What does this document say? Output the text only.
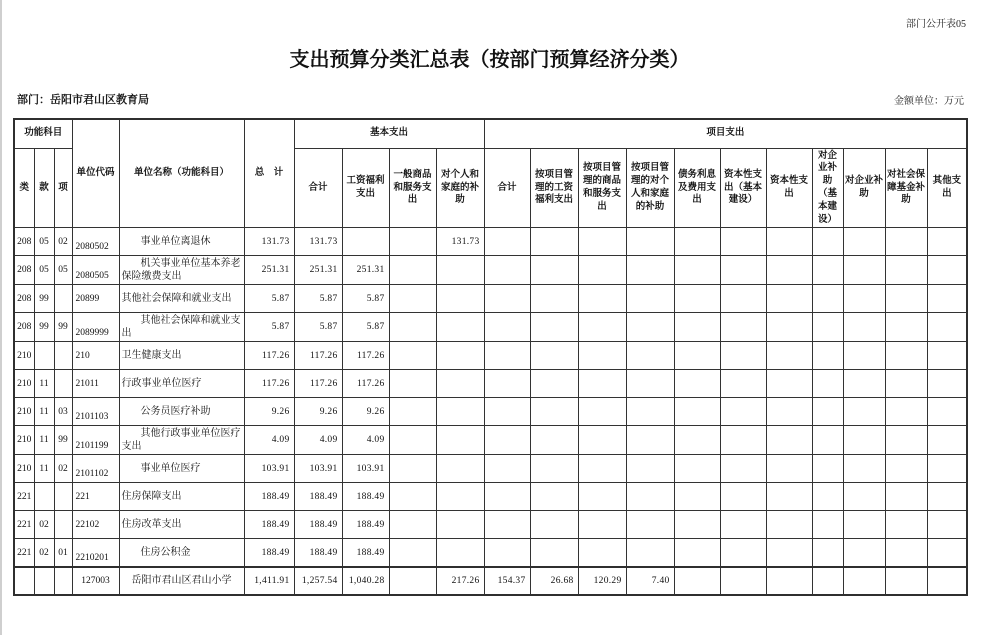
部门公开表05
支出预算分类汇总表（按部门预算经济分类）
部门：岳阳市君山区教育局	金额单位：万元
功能科目			单位代码	单位名称（功能科目）	总　计	基本支出				项目支出										
类	款	项				合计	工资福利支出	一般商品和服务支出	对个人和家庭的补助	合计	按项目管理的工资福利支出	按项目管理的商品和服务支出	按项目管理的对个人和家庭的补助	债务利息及费用支出	资本性支出（基本建设）	资本性支出	对企业补助（基本建设）	对企业补助	对社会保障基金补助	其他支出
208	05	02	2080502	事业单位离退休	131.73	131.73			131.73											
208	05	05	2080505	机关事业单位基本养老保险缴费支出	251.31	251.31	251.31													
208	99		20899	其他社会保障和就业支出	5.87	5.87	5.87													
208	99	99	2089999	其他社会保障和就业支出	5.87	5.87	5.87													
210			210	卫生健康支出	117.26	117.26	117.26													
210	11		21011	行政事业单位医疗	117.26	117.26	117.26													
210	11	03	2101103	公务员医疗补助	9.26	9.26	9.26													
210	11	99	2101199	其他行政事业单位医疗支出	4.09	4.09	4.09													
210	11	02	2101102	事业单位医疗	103.91	103.91	103.91													
221			221	住房保障支出	188.49	188.49	188.49													
221	02		22102	住房改革支出	188.49	188.49	188.49													
221	02	01	2210201	住房公积金	188.49	188.49	188.49													
			127003	岳阳市君山区君山小学	1,411.91	1,257.54	1,040.28		217.26	154.37	26.68	120.29	7.40							
